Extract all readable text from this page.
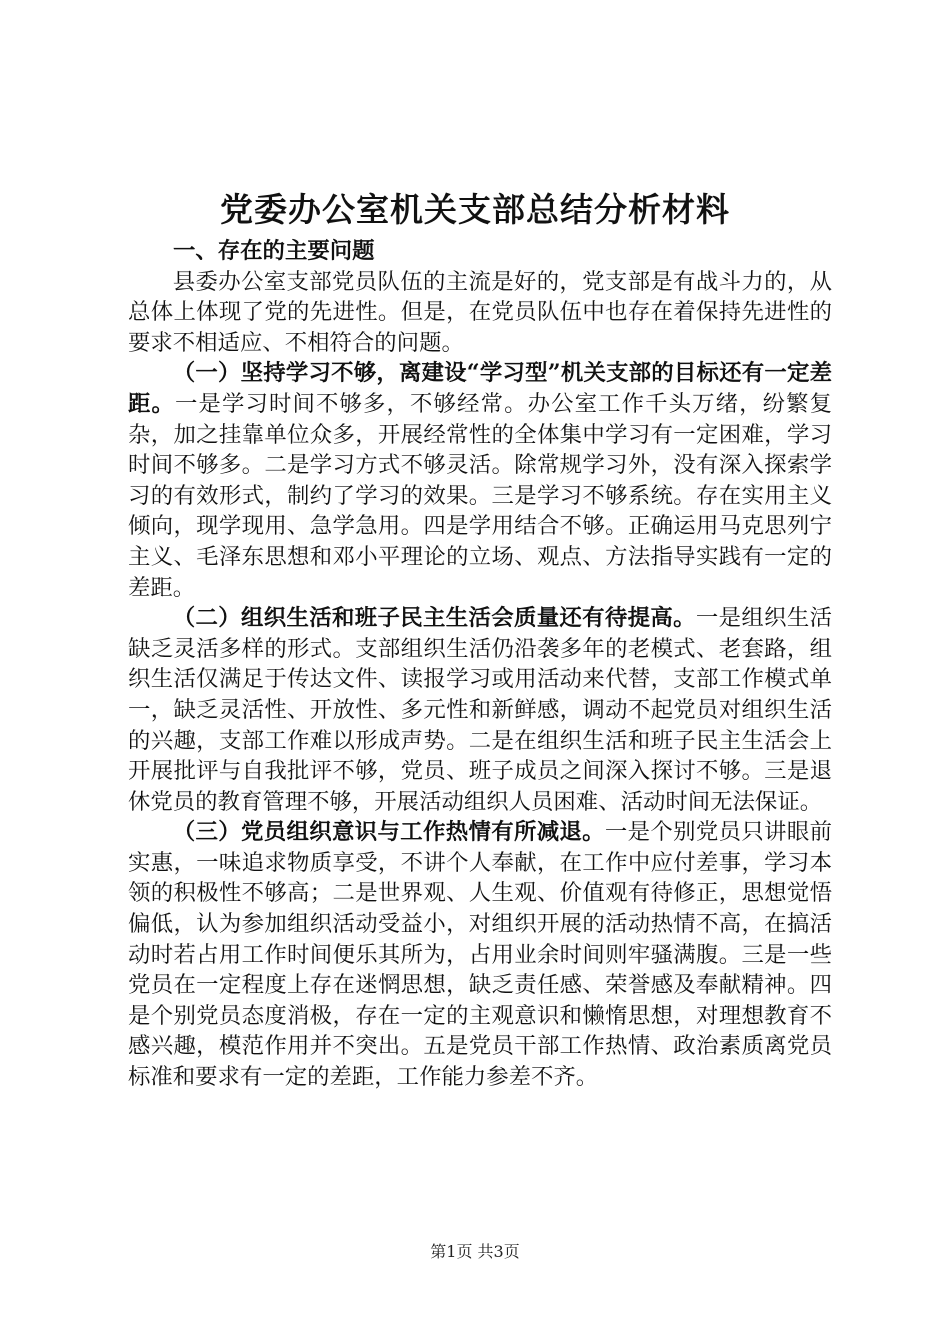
党委办公室机关支部总结分析材料

一、存在的主要问题

县委办公室支部党员队伍的主流是好的，党支部是有战斗力的，从总体上体现了党的先进性。但是，在党员队伍中也存在着保持先进性的要求不相适应、不相符合的问题。

（一）坚持学习不够，离建设“学习型”机关支部的目标还有一定差距。一是学习时间不够多，不够经常。办公室工作千头万绪，纷繁复杂，加之挂靠单位众多，开展经常性的全体集中学习有一定困难，学习时间不够多。二是学习方式不够灵活。除常规学习外，没有深入探索学习的有效形式，制约了学习的效果。三是学习不够系统。存在实用主义倾向，现学现用、急学急用。四是学用结合不够。正确运用马克思列宁主义、毛泽东思想和邓小平理论的立场、观点、方法指导实践有一定的差距。

（二）组织生活和班子民主生活会质量还有待提高。一是组织生活缺乏灵活多样的形式。支部组织生活仍沿袭多年的老模式、老套路，组织生活仅满足于传达文件、读报学习或用活动来代替，支部工作模式单一，缺乏灵活性、开放性、多元性和新鲜感，调动不起党员对组织生活的兴趣，支部工作难以形成声势。二是在组织生活和班子民主生活会上开展批评与自我批评不够，党员、班子成员之间深入探讨不够。三是退休党员的教育管理不够，开展活动组织人员困难、活动时间无法保证。

（三）党员组织意识与工作热情有所减退。一是个别党员只讲眼前实惠，一味追求物质享受，不讲个人奉献，在工作中应付差事，学习本领的积极性不够高；二是世界观、人生观、价值观有待修正，思想觉悟偏低，认为参加组织活动受益小，对组织开展的活动热情不高，在搞活动时若占用工作时间便乐其所为，占用业余时间则牢骚满腹。三是一些党员在一定程度上存在迷惘思想，缺乏责任感、荣誉感及奉献精神。四是个别党员态度消极，存在一定的主观意识和懒惰思想，对理想教育不感兴趣，模范作用并不突出。五是党员干部工作热情、政治素质离党员标准和要求有一定的差距，工作能力参差不齐。

第1页 共3页
